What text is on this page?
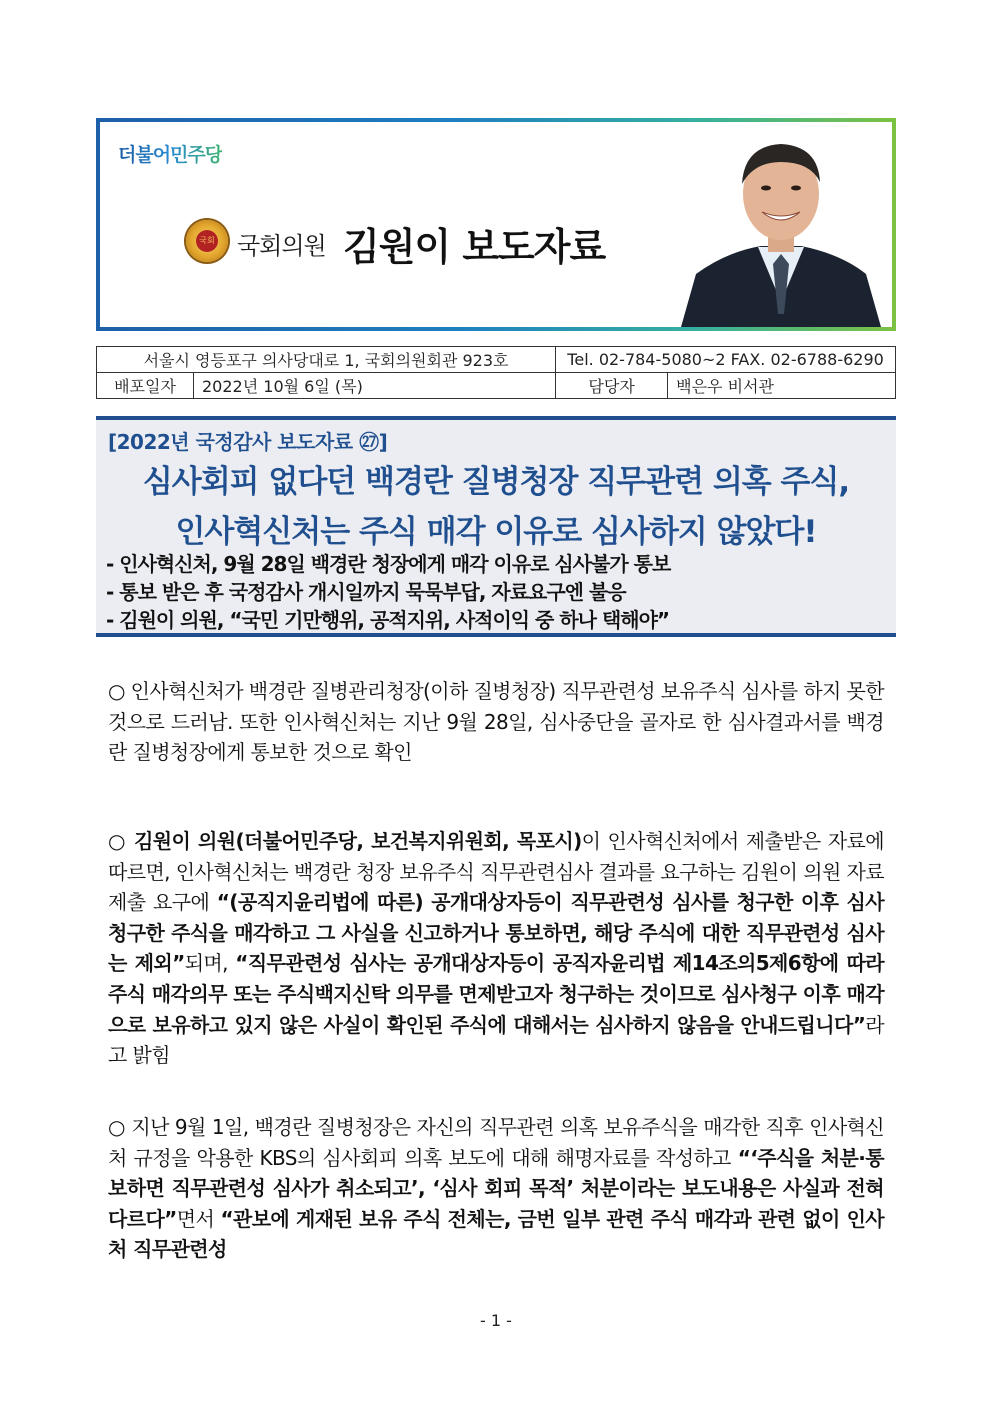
더불어민주당
국회 국회의원 김원이 보도자료
서울시 영등포구 의사당대로 1, 국회의원회관 923호		Tel. 02-784-5080~2 FAX. 02-6788-6290	
배포일자	2022년 10월 6일 (목)	담당자	백은우 비서관
[2022년 국정감사 보도자료 ㉗]
심사회피 없다던 백경란 질병청장 직무관련 의혹 주식,
인사혁신처는 주식 매각 이유로 심사하지 않았다!
- 인사혁신처, 9월 28일 백경란 청장에게 매각 이유로 심사불가 통보
- 통보 받은 후 국정감사 개시일까지 묵묵부답, 자료요구엔 불응
- 김원이 의원, “국민 기만행위, 공적지위, 사적이익 중 하나 택해야”
○ 인사혁신처가 백경란 질병관리청장(이하 질병청장) 직무관련성 보유주식 심사를 하지 못한 것으로 드러남. 또한 인사혁신처는 지난 9월 28일, 심사중단을 골자로 한 심사결과서를 백경란 질병청장에게 통보한 것으로 확인
○ 김원이 의원(더불어민주당, 보건복지위원회, 목포시)이 인사혁신처에서 제출받은 자료에 따르면, 인사혁신처는 백경란 청장 보유주식 직무관련심사 결과를 요구하는 김원이 의원 자료제출 요구에 “(공직지윤리법에 따른) 공개대상자등이 직무관련성 심사를 청구한 이후 심사청구한 주식을 매각하고 그 사실을 신고하거나 통보하면, 해당 주식에 대한 직무관련성 심사는 제외”되며, “직무관련성 심사는 공개대상자등이 공직자윤리법 제14조의5제6항에 따라 주식 매각의무 또는 주식백지신탁 의무를 면제받고자 청구하는 것이므로 심사청구 이후 매각으로 보유하고 있지 않은 사실이 확인된 주식에 대해서는 심사하지 않음을 안내드립니다”라고 밝힘
○ 지난 9월 1일, 백경란 질병청장은 자신의 직무관련 의혹 보유주식을 매각한 직후 인사혁신처 규정을 악용한 KBS의 심사회피 의혹 보도에 대해 해명자료를 작성하고 “‘주식을 처분·통보하면 직무관련성 심사가 취소되고’, ‘심사 회피 목적’ 처분이라는 보도내용은 사실과 전혀 다르다”면서 “관보에 게재된 보유 주식 전체는, 금번 일부 관련 주식 매각과 관련 없이 인사처 직무관련성
- 1 -
